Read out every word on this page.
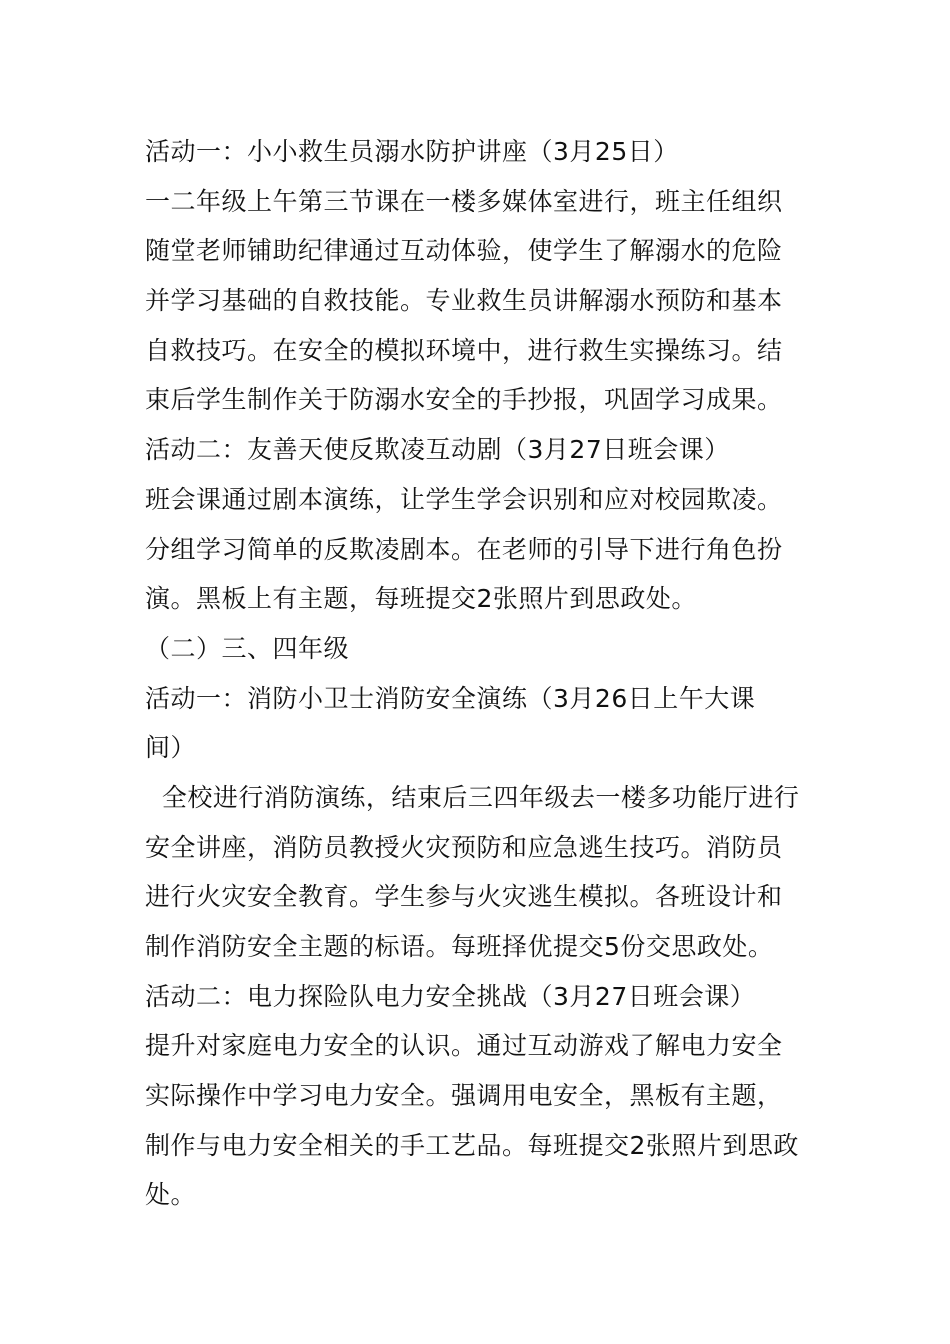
活动一：小小救生员溺水防护讲座（3月25日）
一二年级上午第三节课在一楼多媒体室进行，班主任组织
随堂老师铺助纪律通过互动体验，使学生了解溺水的危险
并学习基础的自救技能。专业救生员讲解溺水预防和基本
自救技巧。在安全的模拟环境中，进行救生实操练习。结
束后学生制作关于防溺水安全的手抄报，巩固学习成果。
活动二：友善天使反欺凌互动剧（3月27日班会课）
班会课通过剧本演练，让学生学会识别和应对校园欺凌。
分组学习简单的反欺凌剧本。在老师的引导下进行角色扮
演。黑板上有主题，每班提交2张照片到思政处。
（二）三、四年级
活动一：消防小卫士消防安全演练（3月26日上午大课
间）
全校进行消防演练，结束后三四年级去一楼多功能厅进行
安全讲座，消防员教授火灾预防和应急逃生技巧。消防员
进行火灾安全教育。学生参与火灾逃生模拟。各班设计和
制作消防安全主题的标语。每班择优提交5份交思政处。
活动二：电力探险队电力安全挑战（3月27日班会课）
提升对家庭电力安全的认识。通过互动游戏了解电力安全
实际操作中学习电力安全。强调用电安全，黑板有主题，
制作与电力安全相关的手工艺品。每班提交2张照片到思政
处。
